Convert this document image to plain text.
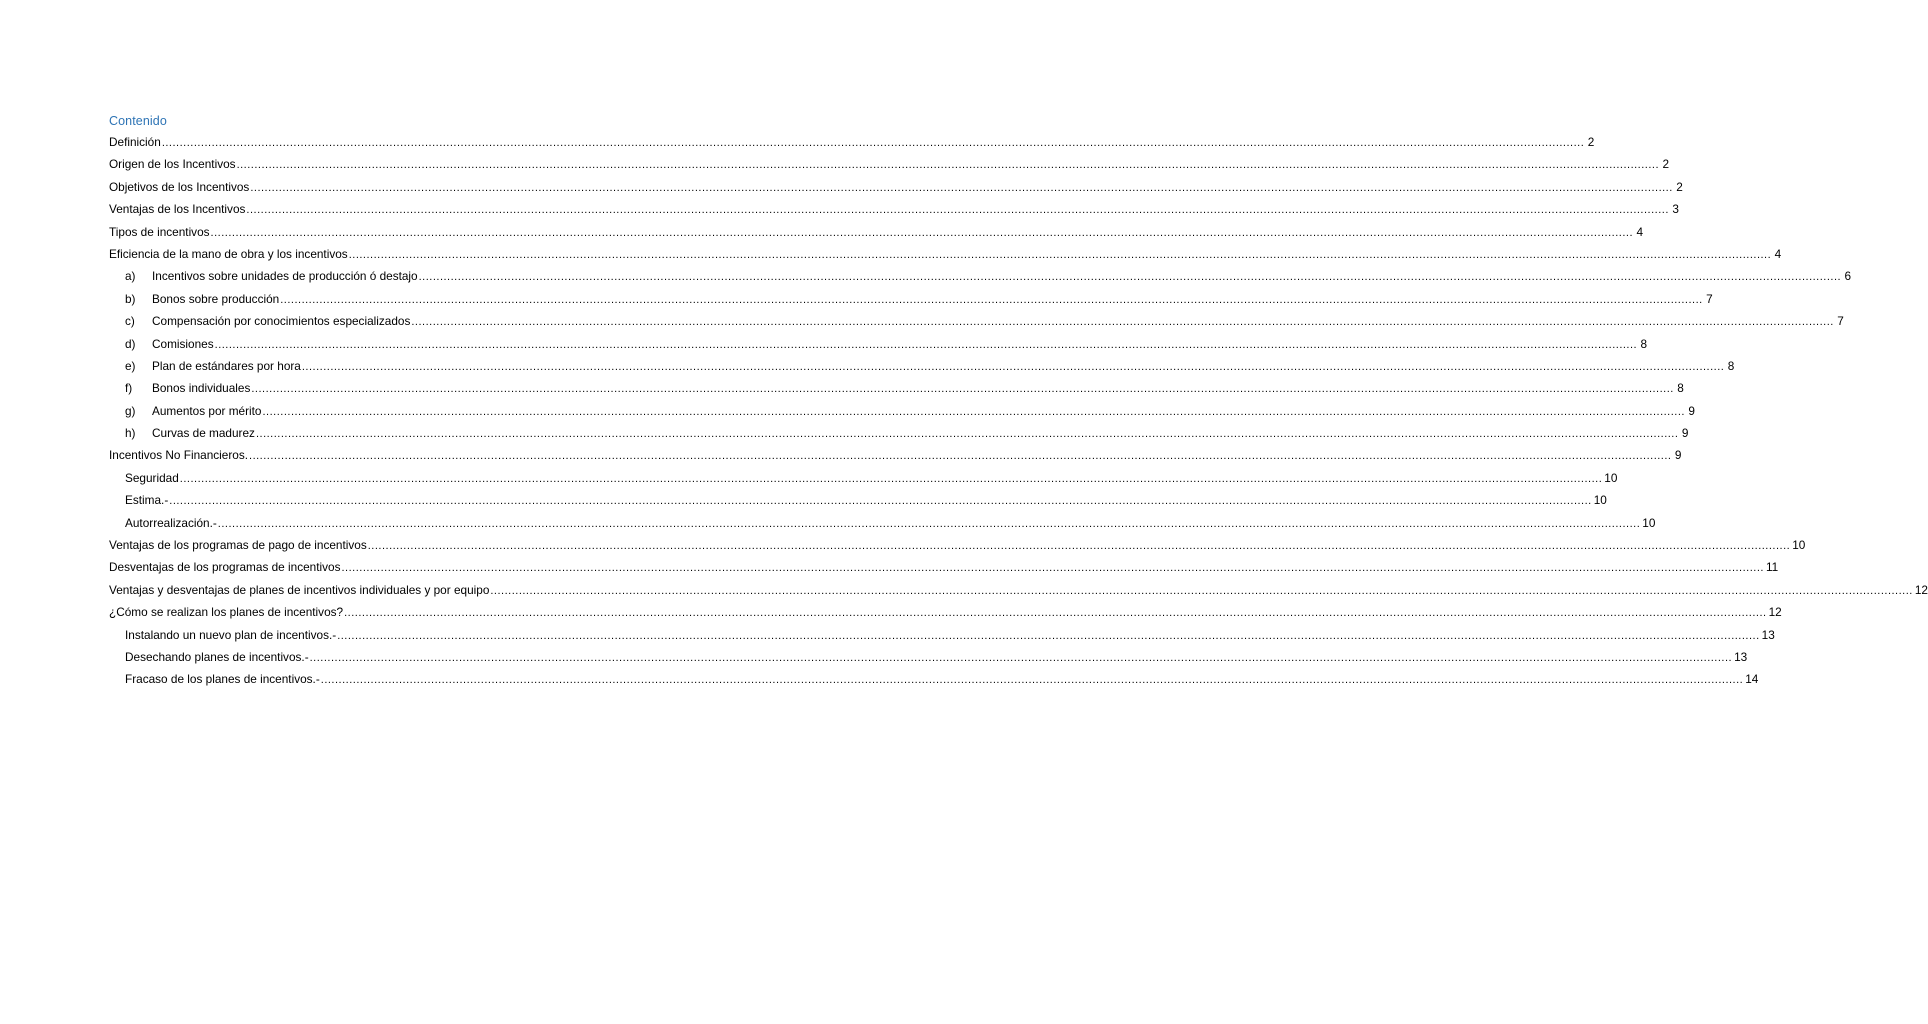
Contenido
Definición ................................................................................................................................................................................................................................................................................................................................................................................................................ 2
Origen de los Incentivos ................................................................................................................................................................................................................................................................................................................................................................................................................ 2
Objetivos de los Incentivos ................................................................................................................................................................................................................................................................................................................................................................................................................ 2
Ventajas de los Incentivos ................................................................................................................................................................................................................................................................................................................................................................................................................ 3
Tipos de incentivos ................................................................................................................................................................................................................................................................................................................................................................................................................ 4
Eficiencia de la mano de obra y los incentivos ................................................................................................................................................................................................................................................................................................................................................................................................................ 4
a)	Incentivos sobre unidades de producción ó destajo ................................................................................................................................................................................................................................................................................................................................................................................................................ 6
b)	Bonos sobre producción ................................................................................................................................................................................................................................................................................................................................................................................................................ 7
c)	Compensación por conocimientos especializados ................................................................................................................................................................................................................................................................................................................................................................................................................ 7
d)	Comisiones ................................................................................................................................................................................................................................................................................................................................................................................................................ 8
e)	Plan de estándares por hora ................................................................................................................................................................................................................................................................................................................................................................................................................ 8
f)	Bonos individuales ................................................................................................................................................................................................................................................................................................................................................................................................................ 8
g)	Aumentos por mérito ................................................................................................................................................................................................................................................................................................................................................................................................................ 9
h)	Curvas de madurez ................................................................................................................................................................................................................................................................................................................................................................................................................ 9
Incentivos No Financieros. ................................................................................................................................................................................................................................................................................................................................................................................................................ 9
Seguridad ................................................................................................................................................................................................................................................................................................................................................................................................................ 10
Estima.- ................................................................................................................................................................................................................................................................................................................................................................................................................ 10
Autorrealización.- ................................................................................................................................................................................................................................................................................................................................................................................................................ 10
Ventajas de los programas de pago de incentivos ................................................................................................................................................................................................................................................................................................................................................................................................................ 10
Desventajas de los programas de incentivos ................................................................................................................................................................................................................................................................................................................................................................................................................ 11
Ventajas y desventajas de planes de incentivos individuales y por equipo ................................................................................................................................................................................................................................................................................................................................................................................................................ 12
¿Cómo se realizan los planes de incentivos? ................................................................................................................................................................................................................................................................................................................................................................................................................ 12
Instalando un nuevo plan de incentivos.- ................................................................................................................................................................................................................................................................................................................................................................................................................ 13
Desechando planes de incentivos.- ................................................................................................................................................................................................................................................................................................................................................................................................................ 13
Fracaso de los planes de incentivos.- ................................................................................................................................................................................................................................................................................................................................................................................................................ 14
